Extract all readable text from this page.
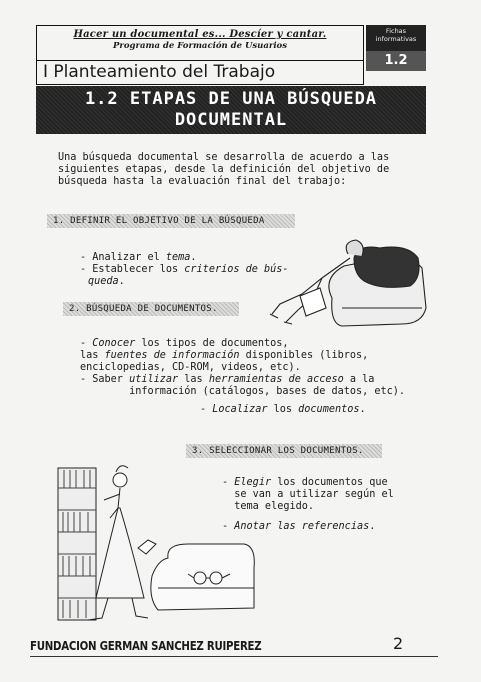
Hacer un documental es... Descíer y cantar.
Programa de Formación de Usuarios
Fichas informativas
1.2
I Planteamiento del Trabajo
1.2 ETAPAS DE UNA BÚSQUEDA
DOCUMENTAL
Una búsqueda documental se desarrolla de acuerdo a las
siguientes etapas, desde la definición del objetivo de
búsqueda hasta la evaluación final del trabajo:
1. DEFINIR EL OBJETIVO DE LA BÚSQUEDA
- Analizar el tema.
- Establecer los criterios de bús-
queda.
2. BÚSQUEDA DE DOCUMENTOS.
- Conocer los tipos de documentos,
las fuentes de información disponibles (libros,
enciclopedias, CD-ROM, videos, etc).
- Saber utilizar las herramientas de acceso a la
información (catálogos, bases de datos, etc).
- Localizar los documentos.
3. SELECCIONAR LOS DOCUMENTOS.
- Elegir los documentos que
se van a utilizar según el
tema elegido.
- Anotar las referencias.
FUNDACION GERMAN SANCHEZ RUIPEREZ	2
